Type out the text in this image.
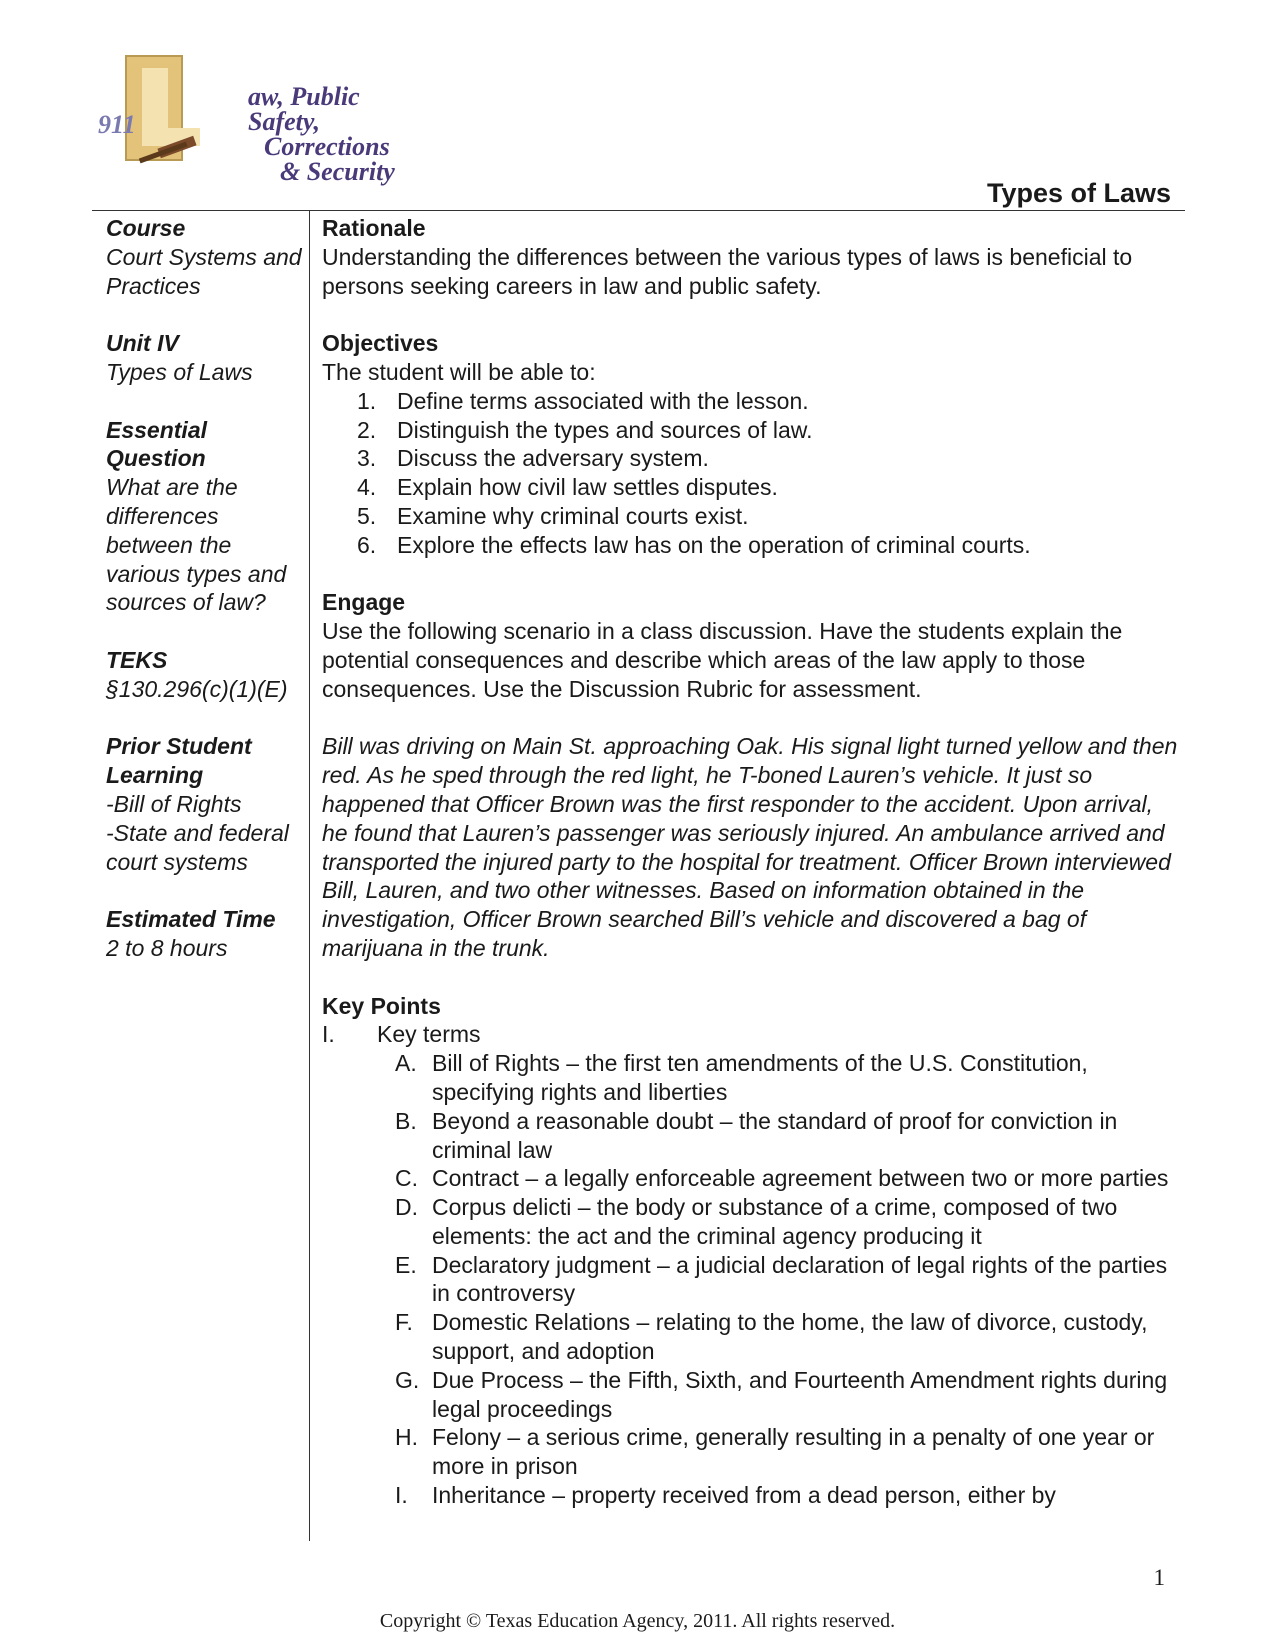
911
aw, Public Safety,
Corrections
& Security
Types of Laws
Course
Court Systems and Practices
Unit IV
Types of Laws
Essential Question
What are the differences between the various types and sources of law?
TEKS
§130.296(c)(1)(E)
Prior Student Learning
-Bill of Rights
-State and federal court systems
Estimated Time
2 to 8 hours
Rationale
Understanding the differences between the various types of laws is beneficial to persons seeking careers in law and public safety.
Objectives
The student will be able to:
1. Define terms associated with the lesson.
2. Distinguish the types and sources of law.
3. Discuss the adversary system.
4. Explain how civil law settles disputes.
5. Examine why criminal courts exist.
6. Explore the effects law has on the operation of criminal courts.
Engage
Use the following scenario in a class discussion. Have the students explain the potential consequences and describe which areas of the law apply to those consequences. Use the Discussion Rubric for assessment.
Bill was driving on Main St. approaching Oak. His signal light turned yellow and then red. As he sped through the red light, he T-boned Lauren’s vehicle. It just so happened that Officer Brown was the first responder to the accident. Upon arrival, he found that Lauren’s passenger was seriously injured. An ambulance arrived and transported the injured party to the hospital for treatment. Officer Brown interviewed Bill, Lauren, and two other witnesses. Based on information obtained in the investigation, Officer Brown searched Bill’s vehicle and discovered a bag of marijuana in the trunk.
Key Points
I. Key terms
A. Bill of Rights – the first ten amendments of the U.S. Constitution, specifying rights and liberties
B. Beyond a reasonable doubt – the standard of proof for conviction in criminal law
C. Contract – a legally enforceable agreement between two or more parties
D. Corpus delicti – the body or substance of a crime, composed of two elements: the act and the criminal agency producing it
E. Declaratory judgment – a judicial declaration of legal rights of the parties in controversy
F. Domestic Relations – relating to the home, the law of divorce, custody, support, and adoption
G. Due Process – the Fifth, Sixth, and Fourteenth Amendment rights during legal proceedings
H. Felony – a serious crime, generally resulting in a penalty of one year or more in prison
I. Inheritance – property received from a dead person, either by
1
Copyright © Texas Education Agency, 2011. All rights reserved.
